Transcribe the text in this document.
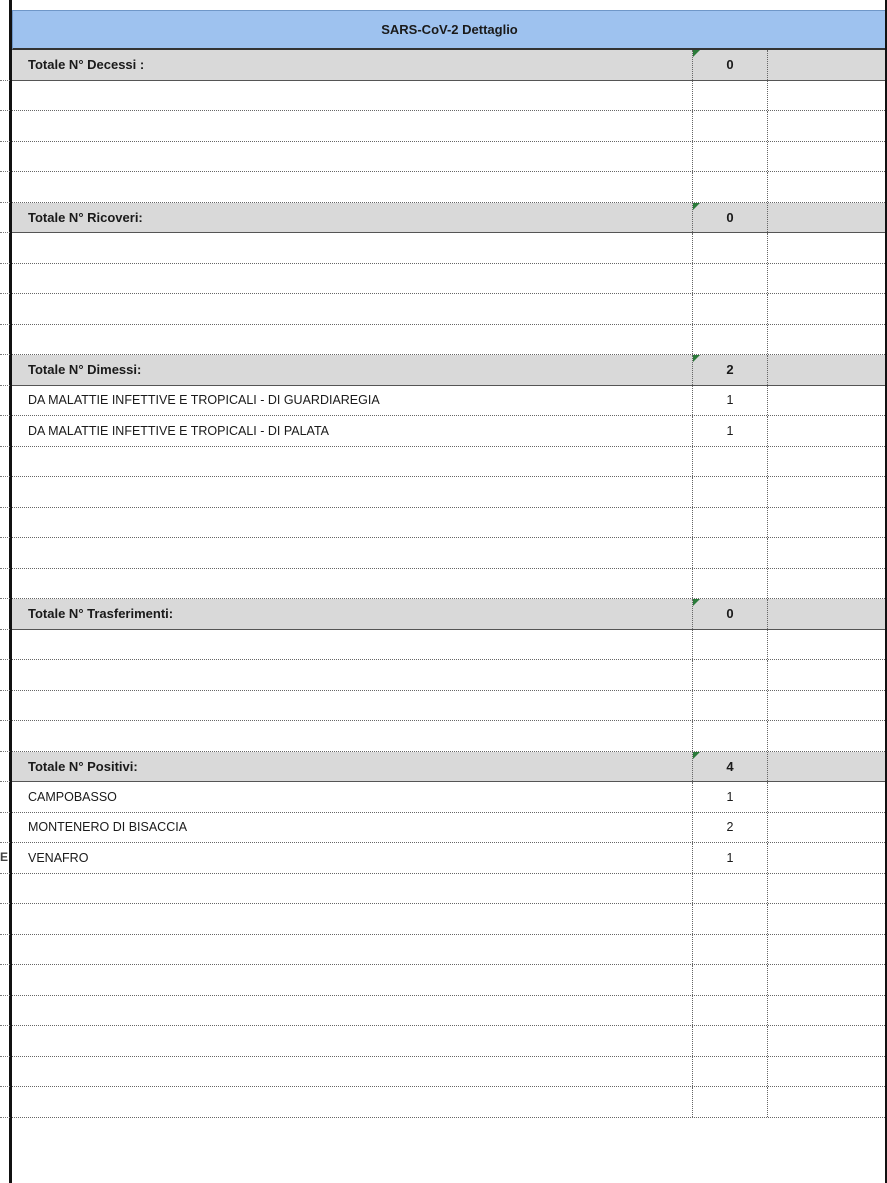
E
SARS-CoV-2 Dettaglio
Totale N° Decessi :	0
Totale N° Ricoveri:	0
Totale N° Dimessi:	2
DA MALATTIE INFETTIVE E TROPICALI - DI GUARDIAREGIA	1
DA MALATTIE INFETTIVE E TROPICALI - DI PALATA	1
Totale N° Trasferimenti:	0
Totale N° Positivi:	4
CAMPOBASSO	1
MONTENERO DI BISACCIA	2
VENAFRO	1
